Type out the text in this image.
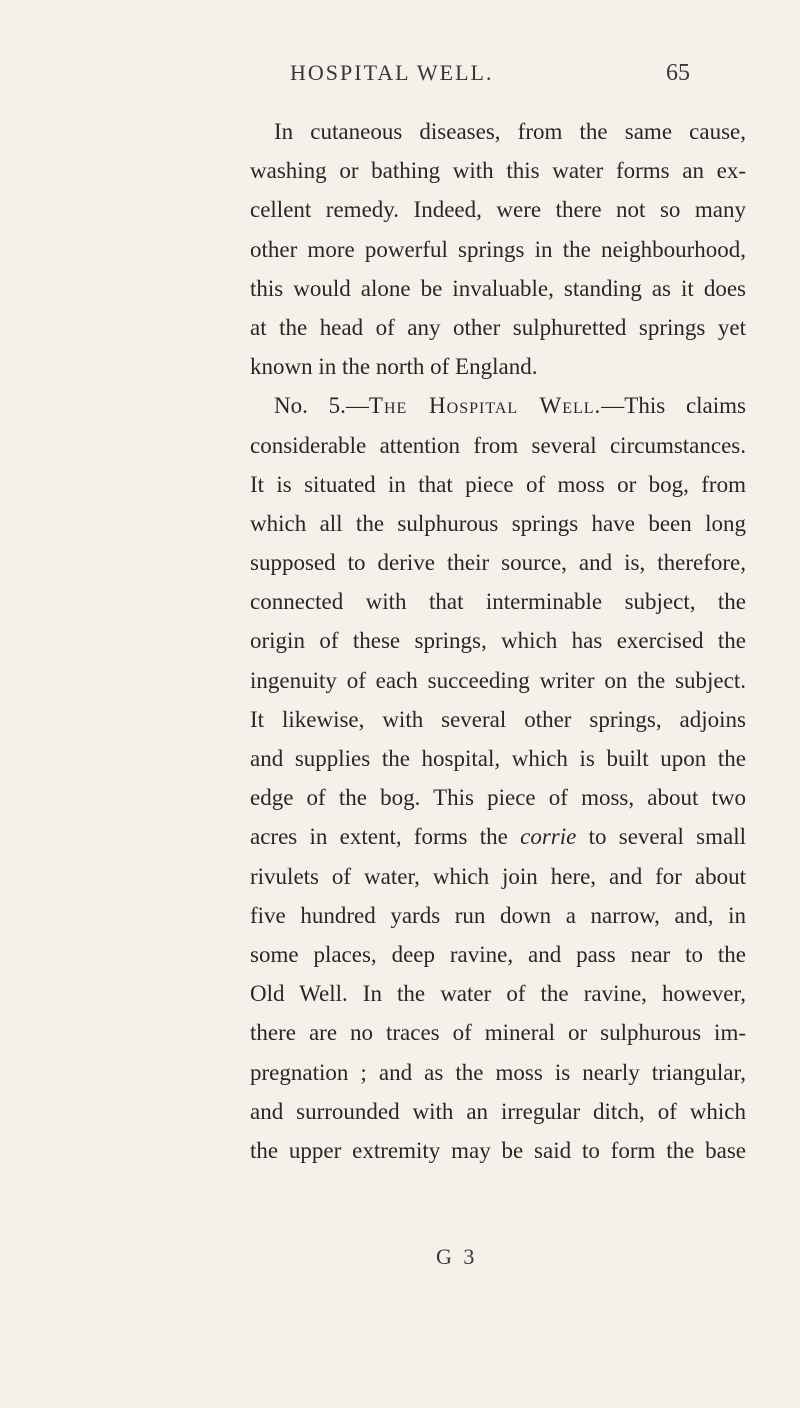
HOSPITAL WELL.	65
In cutaneous diseases, from the same cause,
washing or bathing with this water forms an ex-
cellent remedy. Indeed, were there not so many
other more powerful springs in the neighbourhood,
this would alone be invaluable, standing as it does
at the head of any other sulphuretted springs yet
known in the north of England.
No. 5.—The Hospital Well.—This claims
considerable attention from several circumstances.
It is situated in that piece of moss or bog, from
which all the sulphurous springs have been long
supposed to derive their source, and is, therefore,
connected with that interminable subject, the
origin of these springs, which has exercised the
ingenuity of each succeeding writer on the subject.
It likewise, with several other springs, adjoins
and supplies the hospital, which is built upon the
edge of the bog. This piece of moss, about two
acres in extent, forms the corrie to several small
rivulets of water, which join here, and for about
five hundred yards run down a narrow, and, in
some places, deep ravine, and pass near to the
Old Well. In the water of the ravine, however,
there are no traces of mineral or sulphurous im-
pregnation ; and as the moss is nearly triangular,
and surrounded with an irregular ditch, of which
the upper extremity may be said to form the base
G 3
